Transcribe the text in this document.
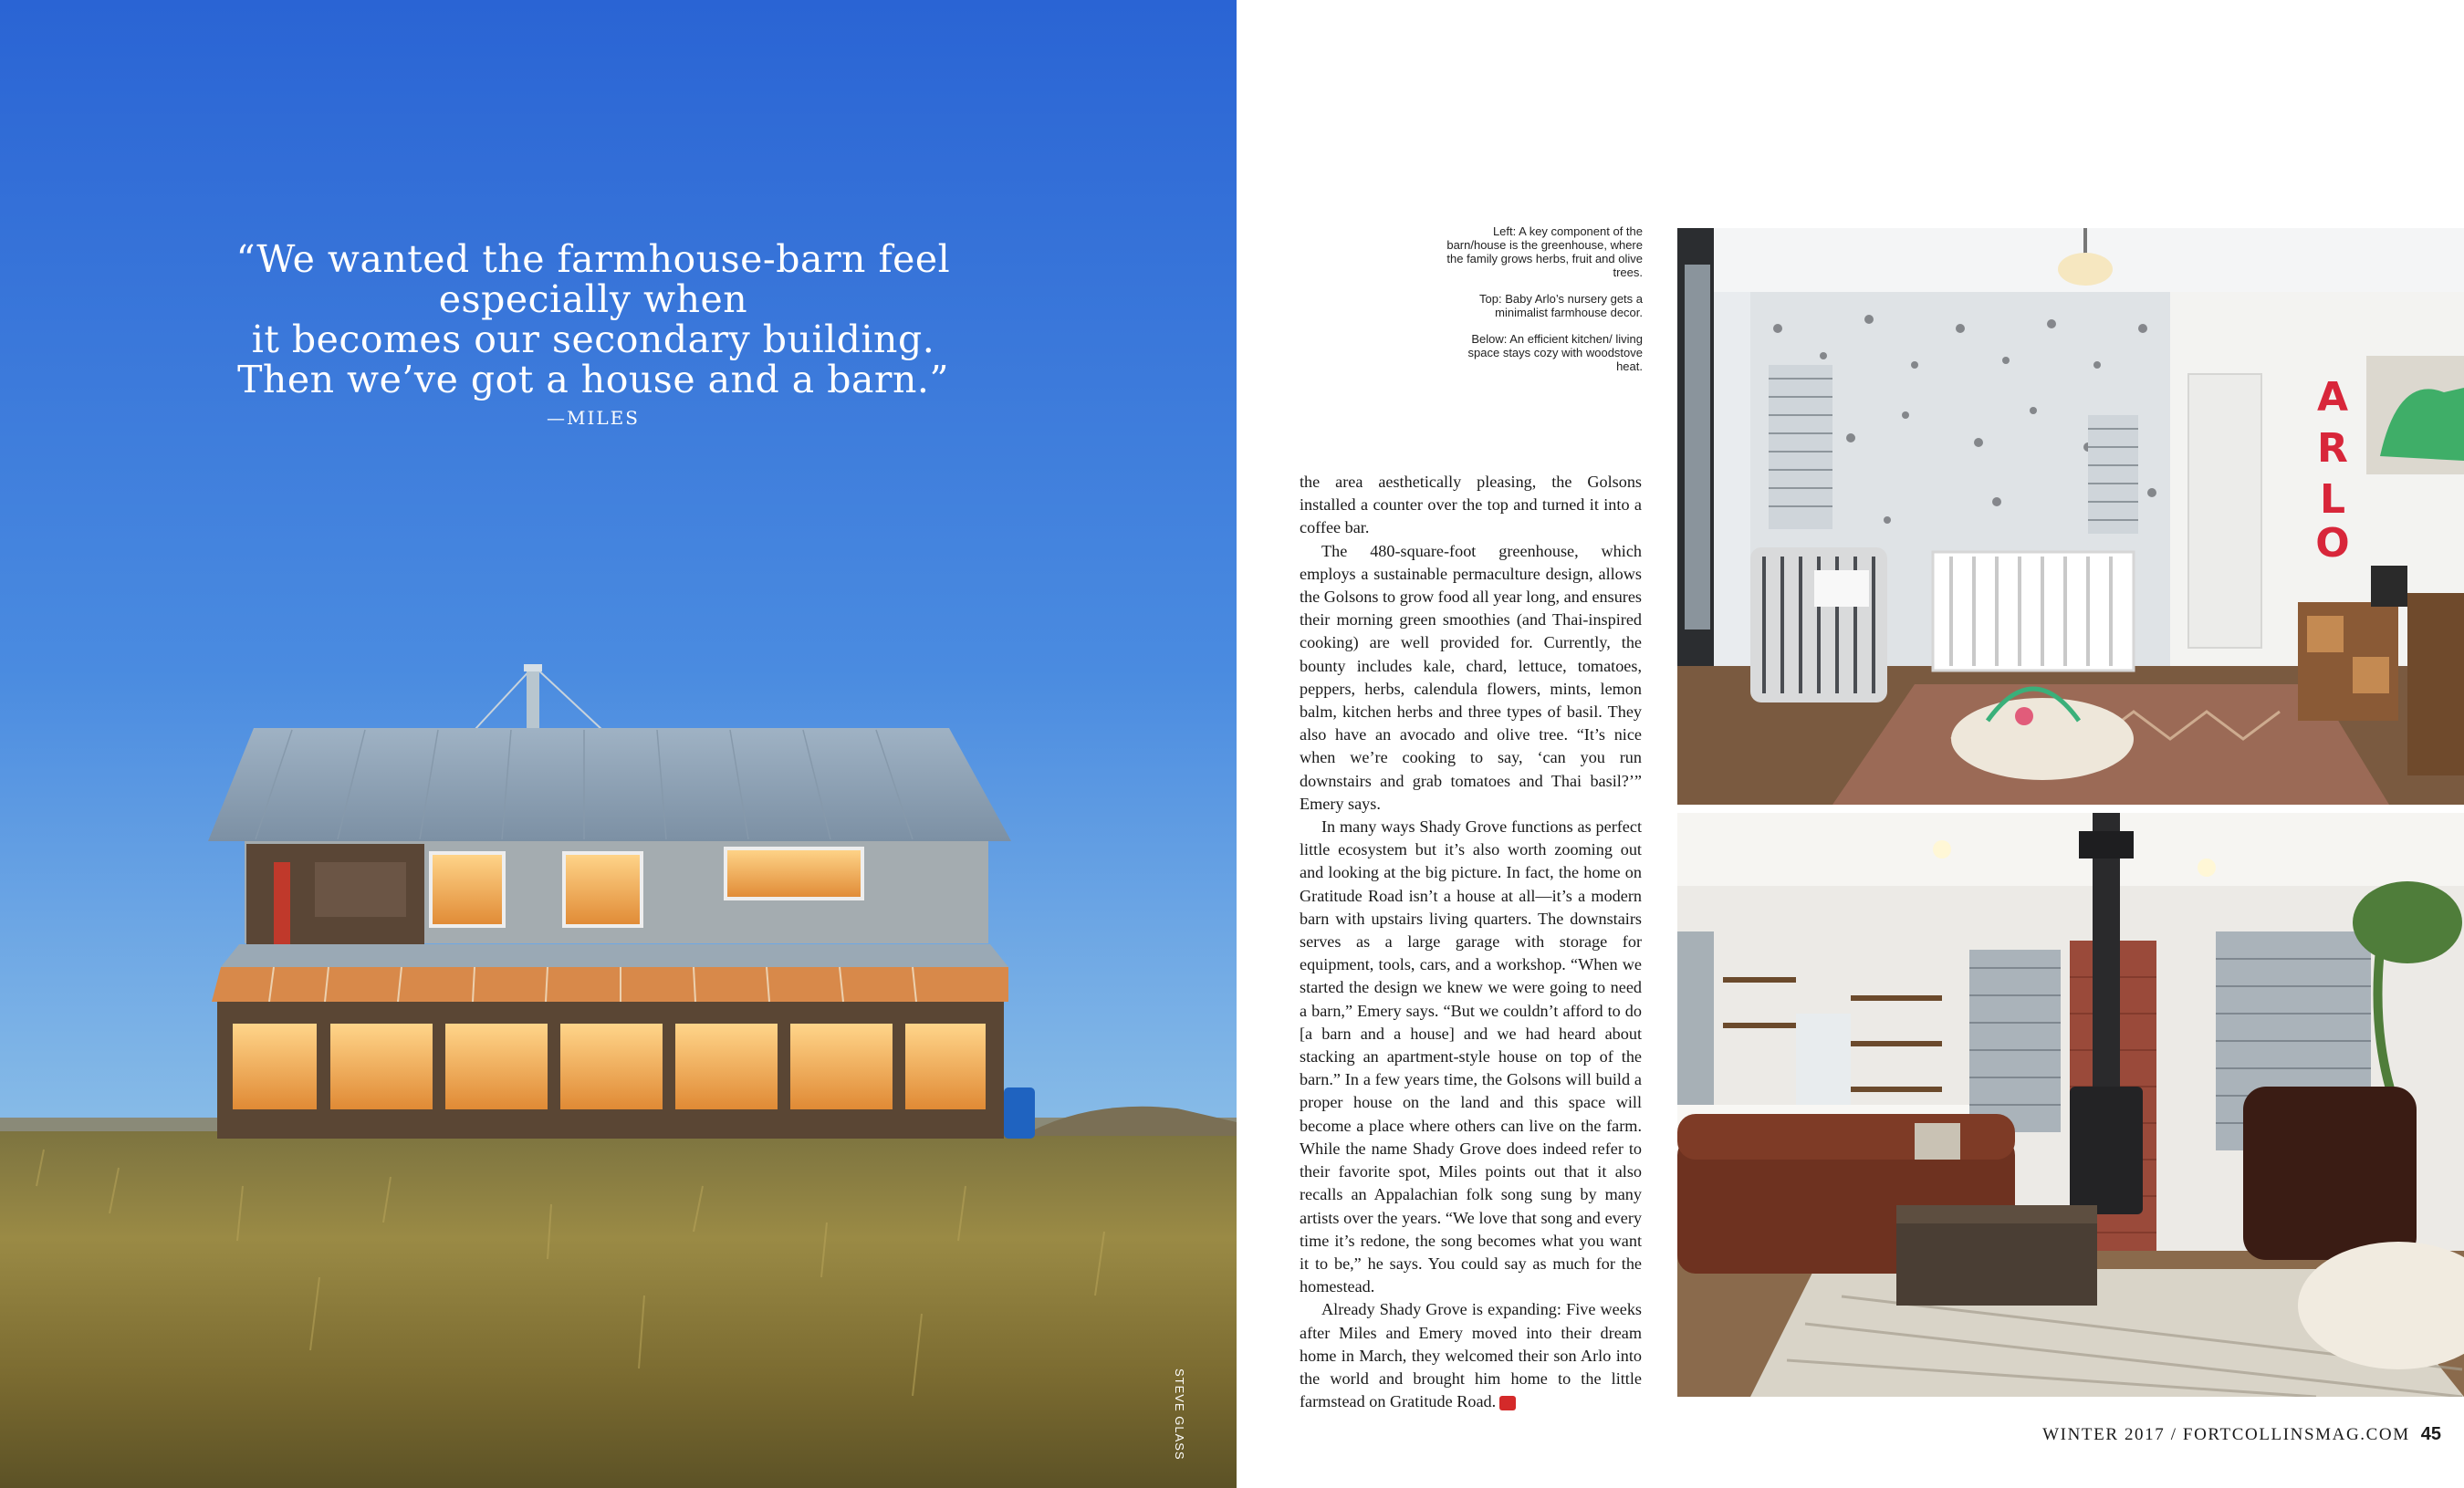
“We wanted the farmhouse-barn feel especially when
it becomes our secondary building.
Then we’ve got a house and a barn.”
—MILES
STEVE GLASS

Left: A key component of the barn/house is the greenhouse, where the family grows herbs, fruit and olive trees.

Top: Baby Arlo’s nursery gets a minimalist farmhouse decor.

Below: An efficient kitchen/ living space stays cozy with woodstove heat.

the area aesthetically pleasing, the Golsons installed a counter over the top and turned it into a coffee bar.

The 480-square-foot greenhouse, which employs a sustainable permaculture design, allows the Golsons to grow food all year long, and ensures their morning green smoothies (and Thai-inspired cooking) are well provided for. Currently, the bounty includes kale, chard, lettuce, tomatoes, peppers, herbs, calendula flowers, mints, lemon balm, kitchen herbs and three types of basil. They also have an avocado and olive tree. “It’s nice when we’re cooking to say, ‘can you run downstairs and grab tomatoes and Thai basil?’” Emery says.

In many ways Shady Grove functions as perfect little ecosystem but it’s also worth zooming out and looking at the big picture. In fact, the home on Gratitude Road isn’t a house at all—it’s a modern barn with upstairs living quarters. The downstairs serves as a large garage with storage for equipment, tools, cars, and a workshop. “When we started the design we knew we were going to need a barn,” Emery says. “But we couldn’t afford to do [a barn and a house] and we had heard about stacking an apartment-style house on top of the barn.” In a few years time, the Golsons will build a proper house on the land and this space will become a place where others can live on the farm. While the name Shady Grove does indeed refer to their favorite spot, Miles points out that it also recalls an Appalachian folk song sung by many artists over the years. “We love that song and every time it’s redone, the song becomes what you want it to be,” he says. You could say as much for the homestead.

Already Shady Grove is expanding: Five weeks after Miles and Emery moved into their dream home in March, they welcomed their son Arlo into the world and brought him home to the little farmstead on Gratitude Road.	FC

A
R
L
O
WINTER 2017 / FORTCOLLINSMAG.COM 45
